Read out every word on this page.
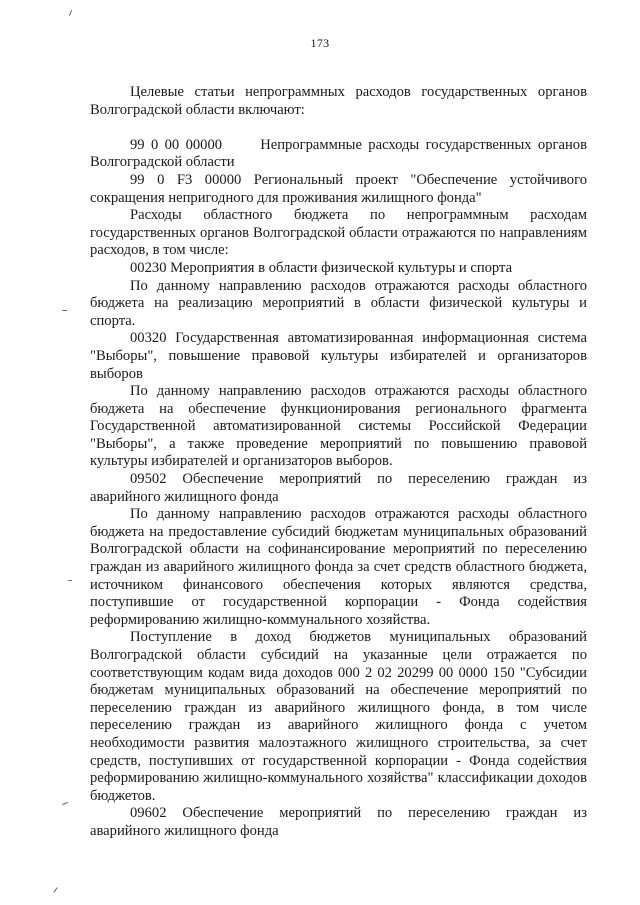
173

Целевые статьи непрограммных расходов государственных органов Волгоградской области включают:

99 0 00 00000      Непрограммные расходы государственных органов Волгоградской области

99 0 F3 00000 Региональный проект "Обеспечение устойчивого сокращения непригодного для проживания жилищного фонда"

Расходы областного бюджета по непрограммным расходам государственных органов Волгоградской области отражаются по направлениям расходов, в том числе:

00230 Мероприятия в области физической культуры и спорта

По данному направлению расходов отражаются расходы областного бюджета на реализацию мероприятий в области физической культуры и спорта.

00320 Государственная автоматизированная информационная система "Выборы", повышение правовой культуры избирателей и организаторов выборов

По данному направлению расходов отражаются расходы областного бюджета на обеспечение функционирования регионального фрагмента Государственной автоматизированной системы Российской Федерации "Выборы", а также проведение мероприятий по повышению правовой культуры избирателей и организаторов выборов.

09502 Обеспечение мероприятий по переселению граждан из аварийного жилищного фонда

По данному направлению расходов отражаются расходы областного бюджета на предоставление субсидий бюджетам муниципальных образований Волгоградской области на софинансирование мероприятий по переселению граждан из аварийного жилищного фонда за счет средств областного бюджета, источником финансового обеспечения которых являются средства, поступившие от государственной корпорации - Фонда содействия реформированию жилищно-коммунального хозяйства.

Поступление в доход бюджетов муниципальных образований Волгоградской области субсидий на указанные цели отражается по соответствующим кодам вида доходов 000 2 02 20299 00 0000 150 "Субсидии бюджетам муниципальных образований на обеспечение мероприятий по переселению граждан из аварийного жилищного фонда, в том числе переселению граждан из аварийного жилищного фонда с учетом необходимости развития малоэтажного жилищного строительства, за счет средств, поступивших от государственной корпорации - Фонда содействия реформированию жилищно-коммунального хозяйства" классификации доходов бюджетов.

09602 Обеспечение мероприятий по переселению граждан из аварийного жилищного фонда
